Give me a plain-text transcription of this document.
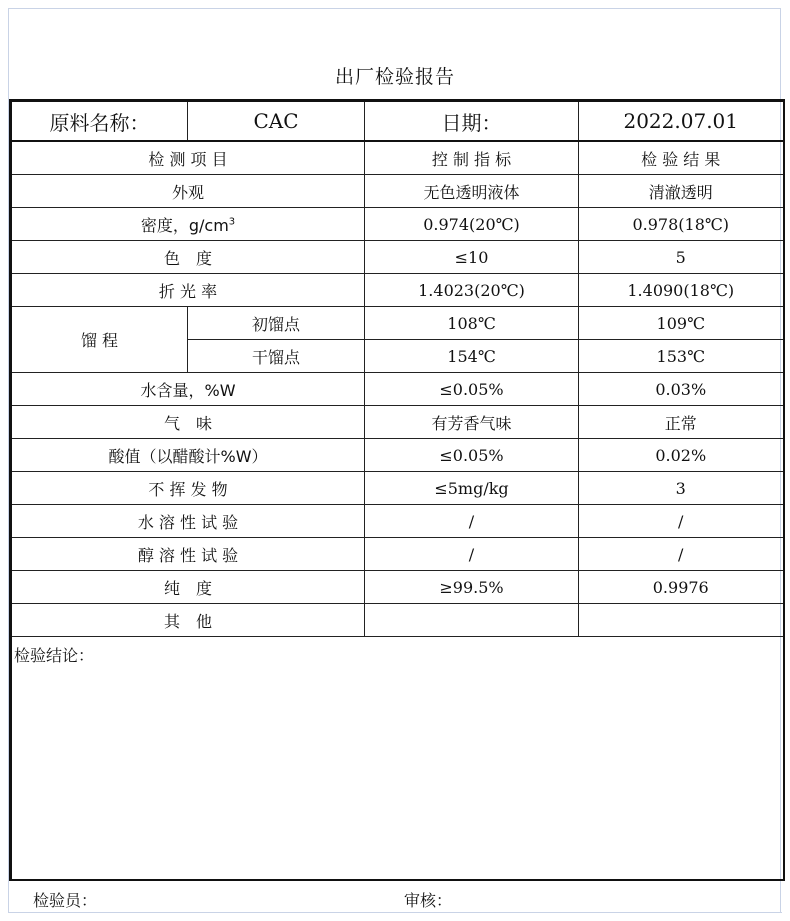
出厂检验报告
原料名称：	CAC	日期：	2022.07.01
检 测 项 目		控 制 指 标	检 验 结 果
外观		无色透明液体	清澈透明
密度，$g/cm^3$		0.974(20℃)	0.978(18℃)
色　度		≤10	5
折 光 率		1.4023(20℃)	1.4090(18℃)
馏 程	初馏点	108℃	109℃
	干馏点	154℃	153℃
水含量，%W		≤0.05%	0.03%
气　味		有芳香气味	正常
酸值（以醋酸计%W）		≤0.05%	0.02%
不 挥 发 物		≤5mg/kg	3
水 溶 性 试 验		/	/
醇 溶 性 试 验		/	/
纯　度		≥99.5%	0.9976
其　他			
检验结论：			
检验员：	审核：
